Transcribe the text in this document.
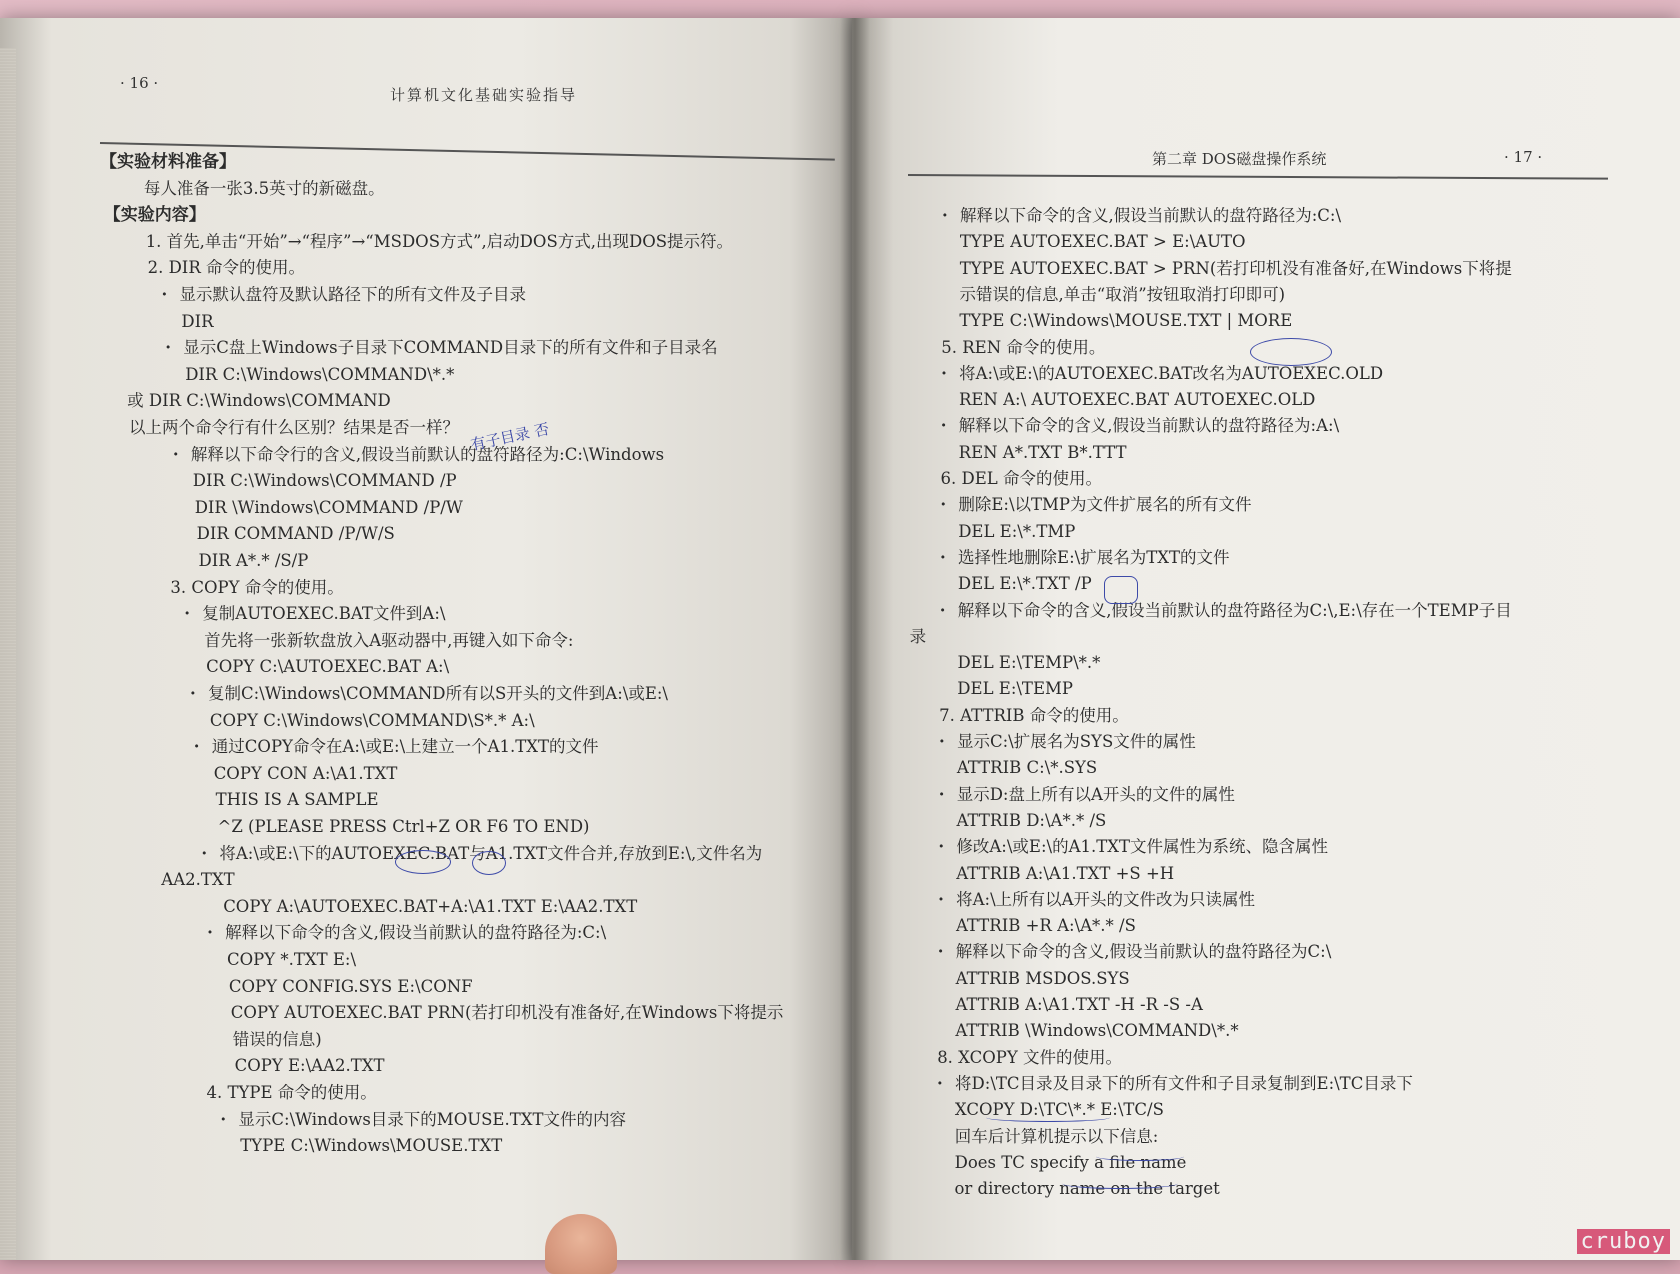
· 16 ·
计算机文化基础实验指导
【实验材料准备】
每人准备一张3.5英寸的新磁盘。
【实验内容】
1. 首先,单击“开始”→“程序”→“MSDOS方式”,启动DOS方式,出现DOS提示符。
2. DIR 命令的使用。
· 显示默认盘符及默认路径下的所有文件及子目录
DIR
· 显示C盘上Windows子目录下COMMAND目录下的所有文件和子目录名
DIR C:\Windows\COMMAND\*.*
或 DIR C:\Windows\COMMAND
以上两个命令行有什么区别？结果是否一样？
· 解释以下命令行的含义,假设当前默认的盘符路径为:C:\Windows
DIR C:\Windows\COMMAND /P
DIR \Windows\COMMAND /P/W
DIR COMMAND /P/W/S
DIR A*.* /S/P
3. COPY 命令的使用。
· 复制AUTOEXEC.BAT文件到A:\
首先将一张新软盘放入A驱动器中,再键入如下命令:
COPY C:\AUTOEXEC.BAT A:\
· 复制C:\Windows\COMMAND所有以S开头的文件到A:\或E:\
COPY C:\Windows\COMMAND\S*.* A:\
· 通过COPY命令在A:\或E:\上建立一个A1.TXT的文件
COPY CON A:\A1.TXT
THIS IS A SAMPLE
^Z (PLEASE PRESS Ctrl+Z OR F6 TO END)
· 将A:\或E:\下的AUTOEXEC.BAT与A1.TXT文件合并,存放到E:\,文件名为
AA2.TXT
COPY A:\AUTOEXEC.BAT+A:\A1.TXT E:\AA2.TXT
· 解释以下命令的含义,假设当前默认的盘符路径为:C:\
COPY *.TXT E:\
COPY CONFIG.SYS E:\CONF
COPY AUTOEXEC.BAT PRN(若打印机没有准备好,在Windows下将提示
错误的信息)
COPY E:\AA2.TXT
4. TYPE 命令的使用。
· 显示C:\Windows目录下的MOUSE.TXT文件的内容
TYPE C:\Windows\MOUSE.TXT
有子目录 否
第二章 DOS磁盘操作系统	· 17 ·
· 解释以下命令的含义,假设当前默认的盘符路径为:C:\
TYPE AUTOEXEC.BAT > E:\AUTO
TYPE AUTOEXEC.BAT > PRN(若打印机没有准备好,在Windows下将提
示错误的信息,单击“取消”按钮取消打印即可)
TYPE C:\Windows\MOUSE.TXT | MORE
5. REN 命令的使用。
· 将A:\或E:\的AUTOEXEC.BAT改名为AUTOEXEC.OLD
REN A:\ AUTOEXEC.BAT AUTOEXEC.OLD
· 解释以下命令的含义,假设当前默认的盘符路径为:A:\
REN A*.TXT B*.TTT
6. DEL 命令的使用。
· 删除E:\以TMP为文件扩展名的所有文件
DEL E:\*.TMP
· 选择性地删除E:\扩展名为TXT的文件
DEL E:\*.TXT /P
· 解释以下命令的含义,假设当前默认的盘符路径为C:\,E:\存在一个TEMP子目
录
DEL E:\TEMP\*.*
DEL E:\TEMP
7. ATTRIB 命令的使用。
· 显示C:\扩展名为SYS文件的属性
ATTRIB C:\*.SYS
· 显示D:盘上所有以A开头的文件的属性
ATTRIB D:\A*.* /S
· 修改A:\或E:\的A1.TXT文件属性为系统、隐含属性
ATTRIB A:\A1.TXT +S +H
· 将A:\上所有以A开头的文件改为只读属性
ATTRIB +R A:\A*.* /S
· 解释以下命令的含义,假设当前默认的盘符路径为C:\
ATTRIB MSDOS.SYS
ATTRIB A:\A1.TXT -H -R -S -A
ATTRIB \Windows\COMMAND\*.*
8. XCOPY 文件的使用。
· 将D:\TC目录及目录下的所有文件和子目录复制到E:\TC目录下
XCOPY D:\TC\*.* E:\TC/S
回车后计算机提示以下信息:
Does TC specify a file name
or directory name on the target
cruboy
